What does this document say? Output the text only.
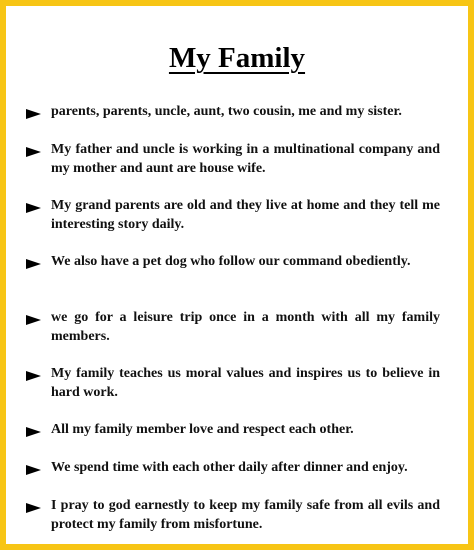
My Family
parents, parents, uncle, aunt, two cousin, me and my sister.
My father and uncle is working in a multinational company and my mother and aunt are house wife.
My grand parents are old and they live at home and they tell me interesting story daily.
We also have a pet dog who follow our command obediently.
we go for a leisure trip once in a month with all my family members.
My family teaches us moral values and inspires us to believe in hard work.
All my family member love and respect each other.
We spend time with each other daily after dinner and enjoy.
I pray to god earnestly to keep my family safe from all evils and protect my family from misfortune.
